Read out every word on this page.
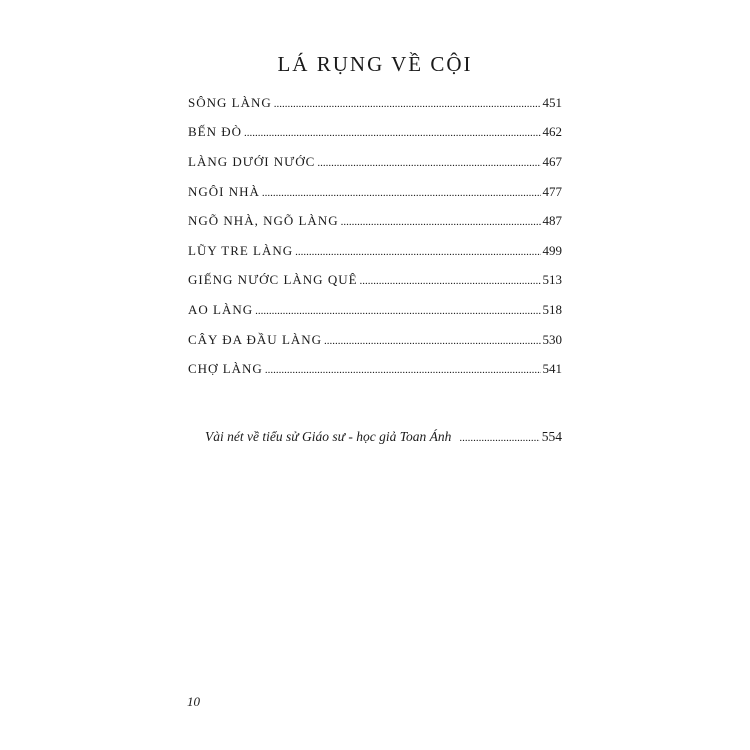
LÁ RỤNG VỀ CỘI
SÔNG LÀNG .....	451
BẾN ĐÒ .....	462
LÀNG DƯỚI NƯỚC .....	467
NGÔI NHÀ .....	477
NGÕ NHÀ, NGÕ LÀNG .....	487
LŨY TRE LÀNG .....	499
GIẾNG NƯỚC LÀNG QUÊ .....	513
AO LÀNG .....	518
CÂY ĐA ĐẦU LÀNG .....	530
CHỢ LÀNG .....	541
Vài nét về tiểu sử Giáo sư - học giả Toan Ánh .....	554
10
